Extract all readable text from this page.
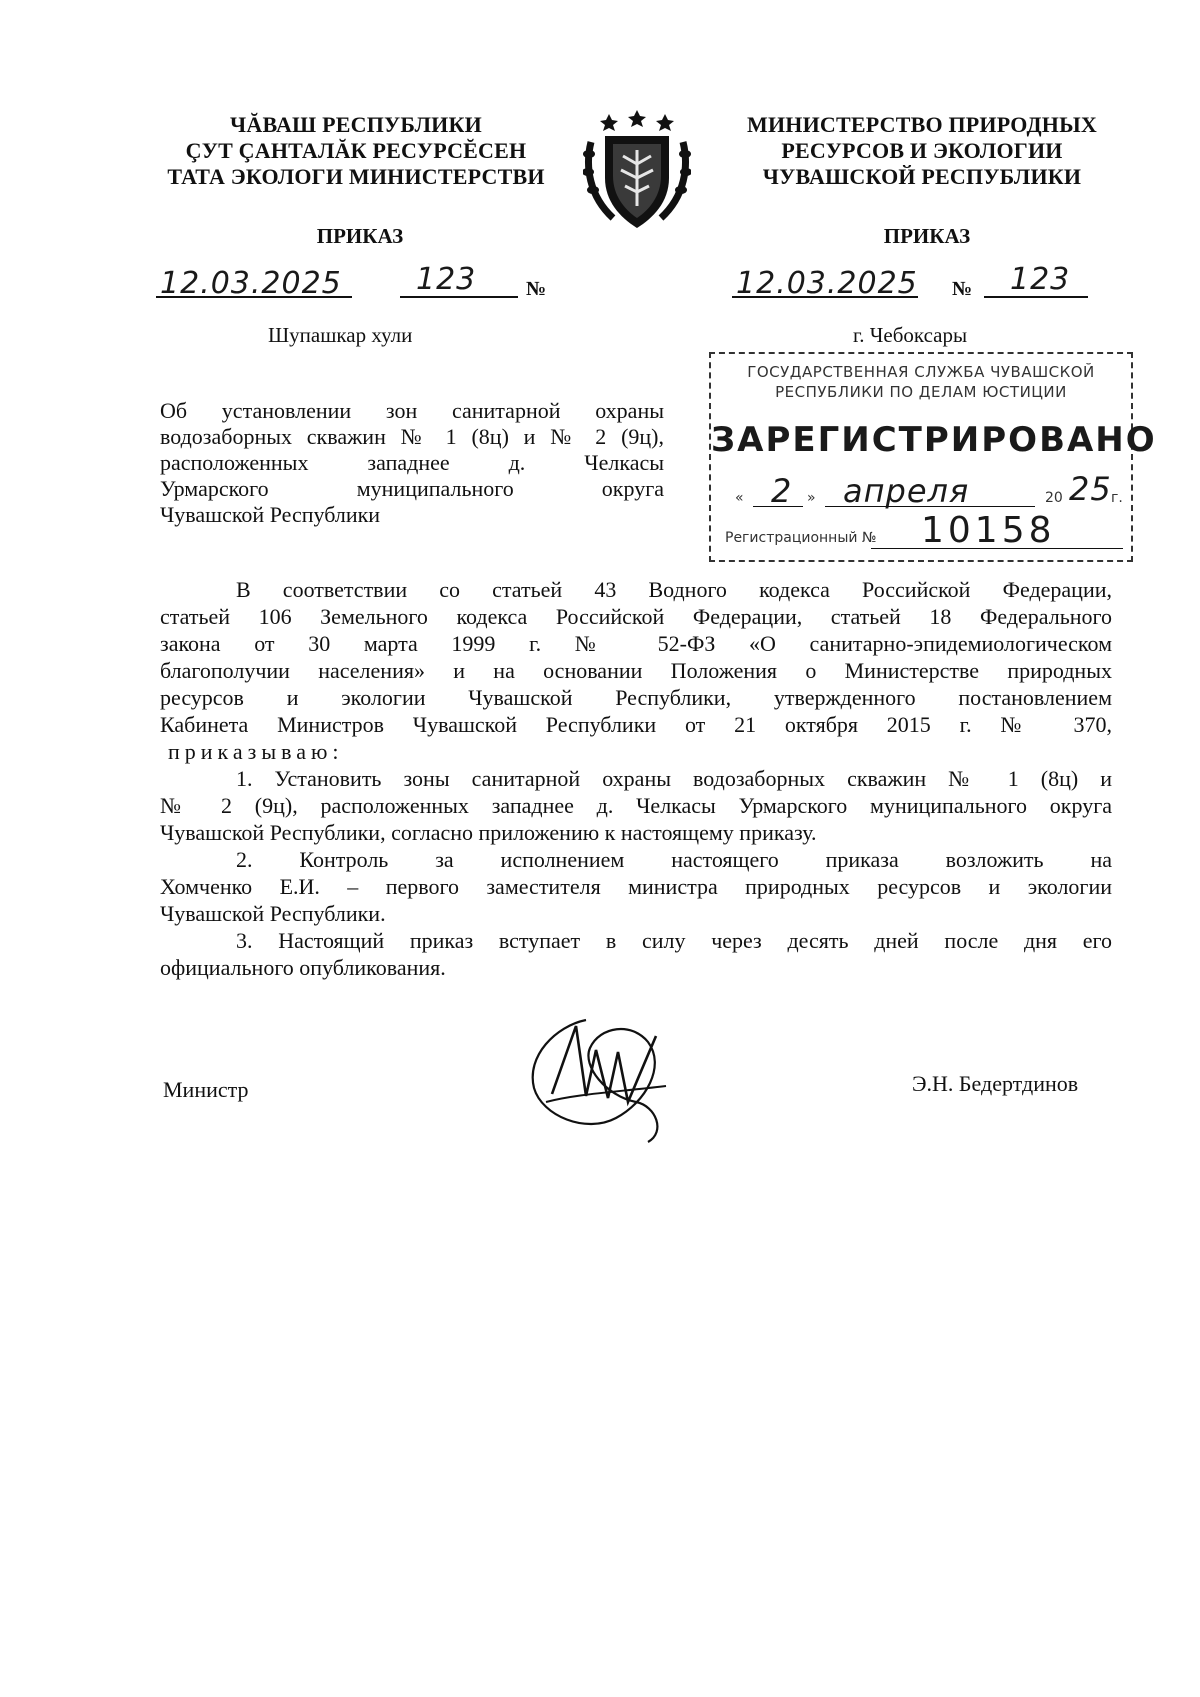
ЧĂВАШ РЕСПУБЛИКИ
ÇУТ ÇАНТАЛĂК РЕСУРСĔСЕН
ТАТА ЭКОЛОГИ МИНИСТЕРСТВИ
МИНИСТЕРСТВО ПРИРОДНЫХ
РЕСУРСОВ И ЭКОЛОГИИ
ЧУВАШСКОЙ РЕСПУБЛИКИ
ПРИКАЗ	ПРИКАЗ
12.03.2025 123 №	12.03.2025 № 123
Шупашкар хули	г. Чебоксары
ГОСУДАРСТВЕННАЯ СЛУЖБА ЧУВАШСКОЙ
РЕСПУБЛИКИ ПО ДЕЛАМ ЮСТИЦИИ
ЗАРЕГИСТРИРОВАНО
« 2 » апреля	20 25 г.
Регистрационный № 10158
Об установлении зон санитарной охраны
водозаборных скважин № 1 (8ц) и № 2 (9ц),
расположенных западнее д. Челкасы
Урмарского муниципального округа
Чувашской Республики
В соответствии со статьей 43 Водного кодекса Российской Федерации,
статьей 106 Земельного кодекса Российской Федерации, статьей 18 Федерального
закона от 30 марта 1999 г. № 52-ФЗ «О санитарно-эпидемиологическом
благополучии населения» и на основании Положения о Министерстве природных
ресурсов и экологии Чувашской Республики, утвержденного постановлением
Кабинета Министров Чувашской Республики от 21 октября 2015 г. № 370,
приказываю:
1. Установить зоны санитарной охраны водозаборных скважин № 1 (8ц) и
№ 2 (9ц), расположенных западнее д. Челкасы Урмарского муниципального округа
Чувашской Республики, согласно приложению к настоящему приказу.
2. Контроль за исполнением настоящего приказа возложить на
Хомченко Е.И. – первого заместителя министра природных ресурсов и экологии
Чувашской Республики.
3. Настоящий приказ вступает в силу через десять дней после дня его
официального опубликования.
Министр	Э.Н. Бедертдинов
